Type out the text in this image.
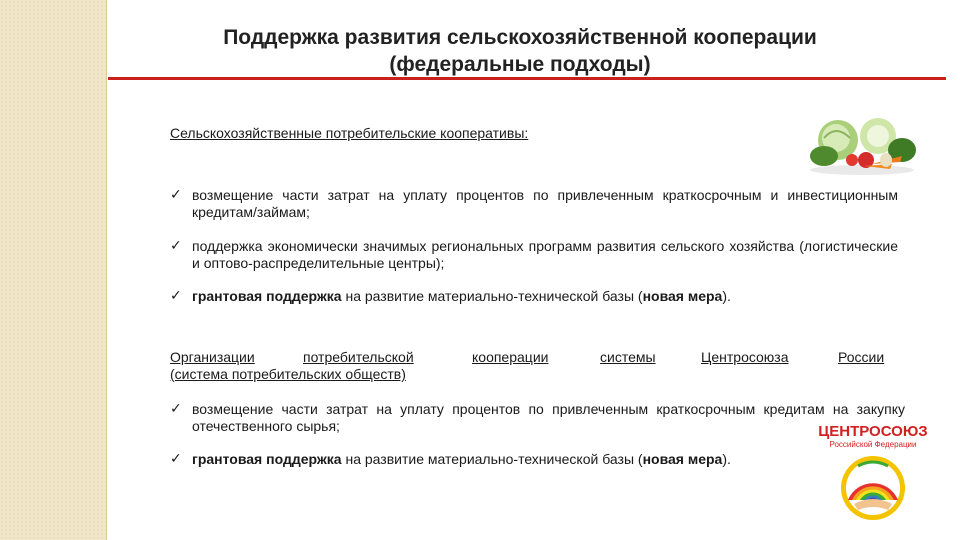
Поддержка развития сельскохозяйственной кооперации
(федеральные подходы)
Сельскохозяйственные потребительские кооперативы:
✓ возмещение части затрат на уплату процентов по привлеченным краткосрочным и инвестиционным кредитам/займам;
✓ поддержка экономически значимых региональных программ развития сельского хозяйства (логистические и оптово-распределительные центры);
✓ грантовая поддержка на развитие материально-технической базы (новая мера).
Организации	потребительской	кооперации	системы	Центросоюза	России
(система потребительских обществ)
✓ возмещение части затрат на уплату процентов по привлеченным краткосрочным кредитам на закупку отечественного сырья;
✓ грантовая поддержка на развитие материально-технической базы (новая мера).
ЦЕНТРОСОЮЗ
Российской Федерации
